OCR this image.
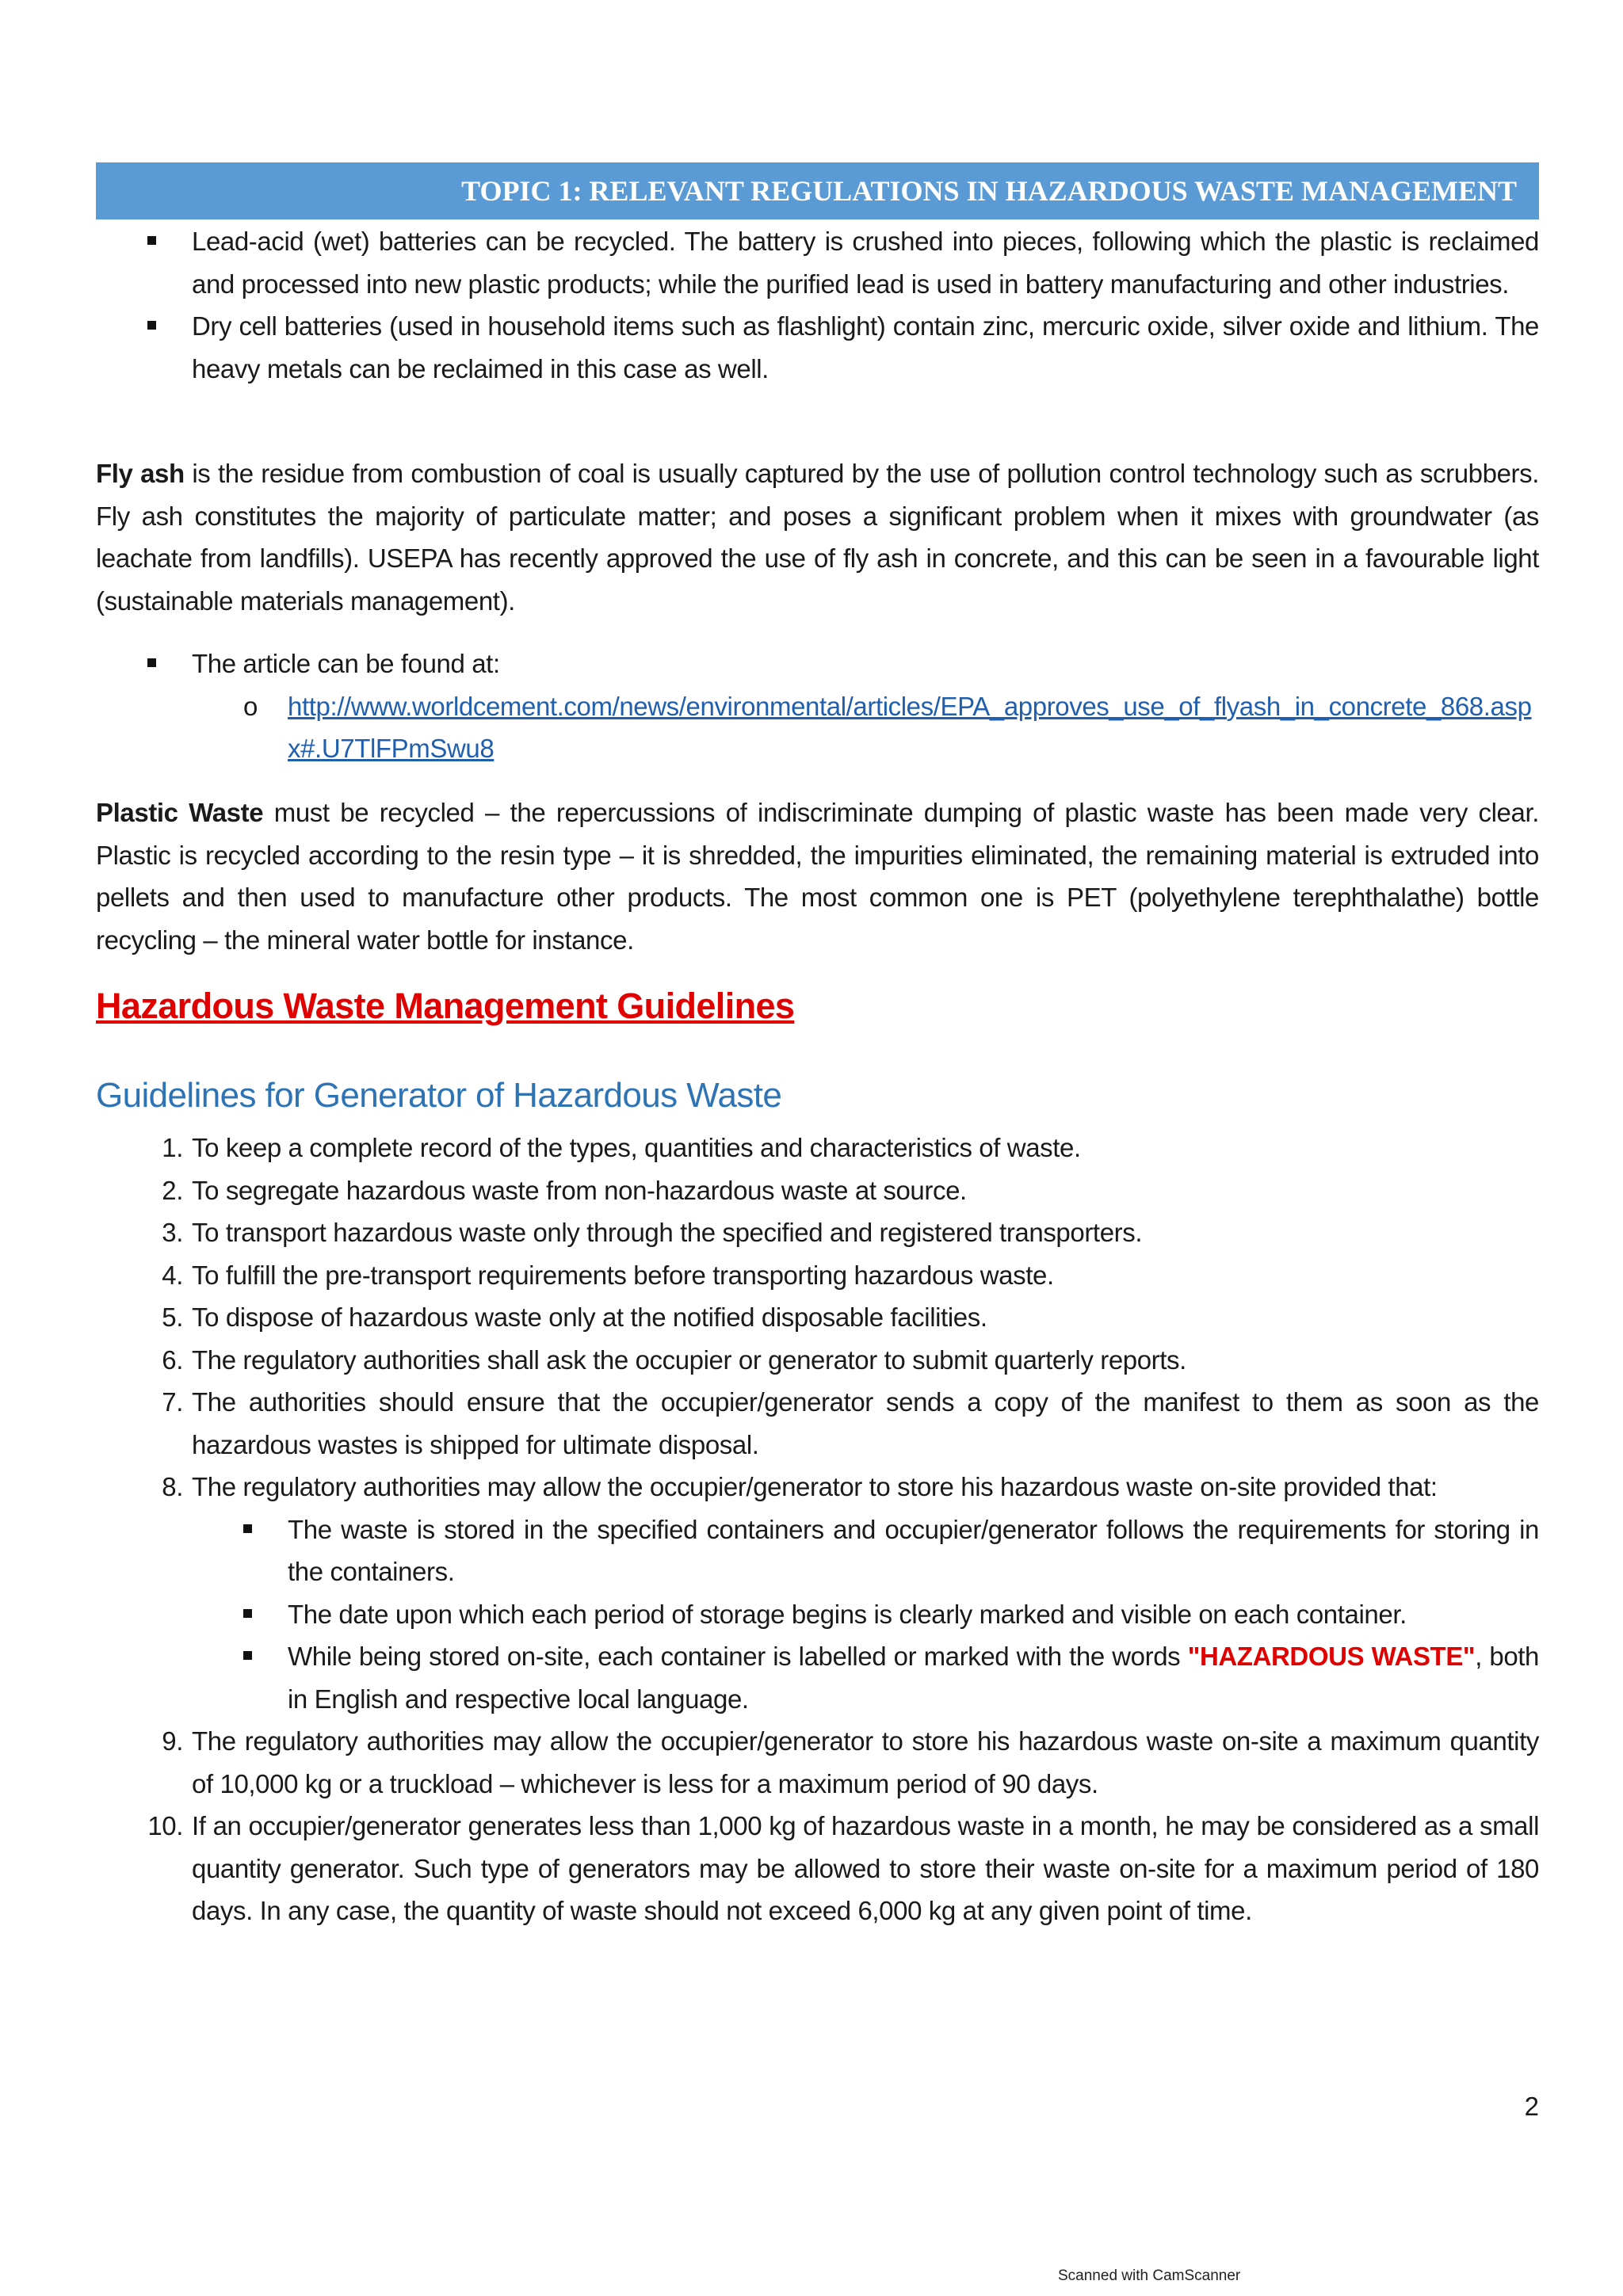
TOPIC 1: RELEVANT REGULATIONS IN HAZARDOUS WASTE MANAGEMENT
Lead-acid (wet) batteries can be recycled. The battery is crushed into pieces, following which the plastic is reclaimed and processed into new plastic products; while the purified lead is used in battery manufacturing and other industries.
Dry cell batteries (used in household items such as flashlight) contain zinc, mercuric oxide, silver oxide and lithium. The heavy metals can be reclaimed in this case as well.
Fly ash is the residue from combustion of coal is usually captured by the use of pollution control technology such as scrubbers. Fly ash constitutes the majority of particulate matter; and poses a significant problem when it mixes with groundwater (as leachate from landfills). USEPA has recently approved the use of fly ash in concrete, and this can be seen in a favourable light (sustainable materials management).
The article can be found at:
o http://www.worldcement.com/news/environmental/articles/EPA_approves_use_of_flyash_in_concrete_868.aspx#.U7TlFPmSwu8
Plastic Waste must be recycled – the repercussions of indiscriminate dumping of plastic waste has been made very clear. Plastic is recycled according to the resin type – it is shredded, the impurities eliminated, the remaining material is extruded into pellets and then used to manufacture other products. The most common one is PET (polyethylene terephthalathe) bottle recycling – the mineral water bottle for instance.
Hazardous Waste Management Guidelines
Guidelines for Generator of Hazardous Waste
1. To keep a complete record of the types, quantities and characteristics of waste.
2. To segregate hazardous waste from non-hazardous waste at source.
3. To transport hazardous waste only through the specified and registered transporters.
4. To fulfill the pre-transport requirements before transporting hazardous waste.
5. To dispose of hazardous waste only at the notified disposable facilities.
6. The regulatory authorities shall ask the occupier or generator to submit quarterly reports.
7. The authorities should ensure that the occupier/generator sends a copy of the manifest to them as soon as the hazardous wastes is shipped for ultimate disposal.
8. The regulatory authorities may allow the occupier/generator to store his hazardous waste on-site provided that:
The waste is stored in the specified containers and occupier/generator follows the requirements for storing in the containers.
The date upon which each period of storage begins is clearly marked and visible on each container.
While being stored on-site, each container is labelled or marked with the words "HAZARDOUS WASTE", both in English and respective local language.
9. The regulatory authorities may allow the occupier/generator to store his hazardous waste on-site a maximum quantity of 10,000 kg or a truckload – whichever is less for a maximum period of 90 days.
10. If an occupier/generator generates less than 1,000 kg of hazardous waste in a month, he may be considered as a small quantity generator. Such type of generators may be allowed to store their waste on-site for a maximum period of 180 days. In any case, the quantity of waste should not exceed 6,000 kg at any given point of time.
2
Scanned with CamScanner
